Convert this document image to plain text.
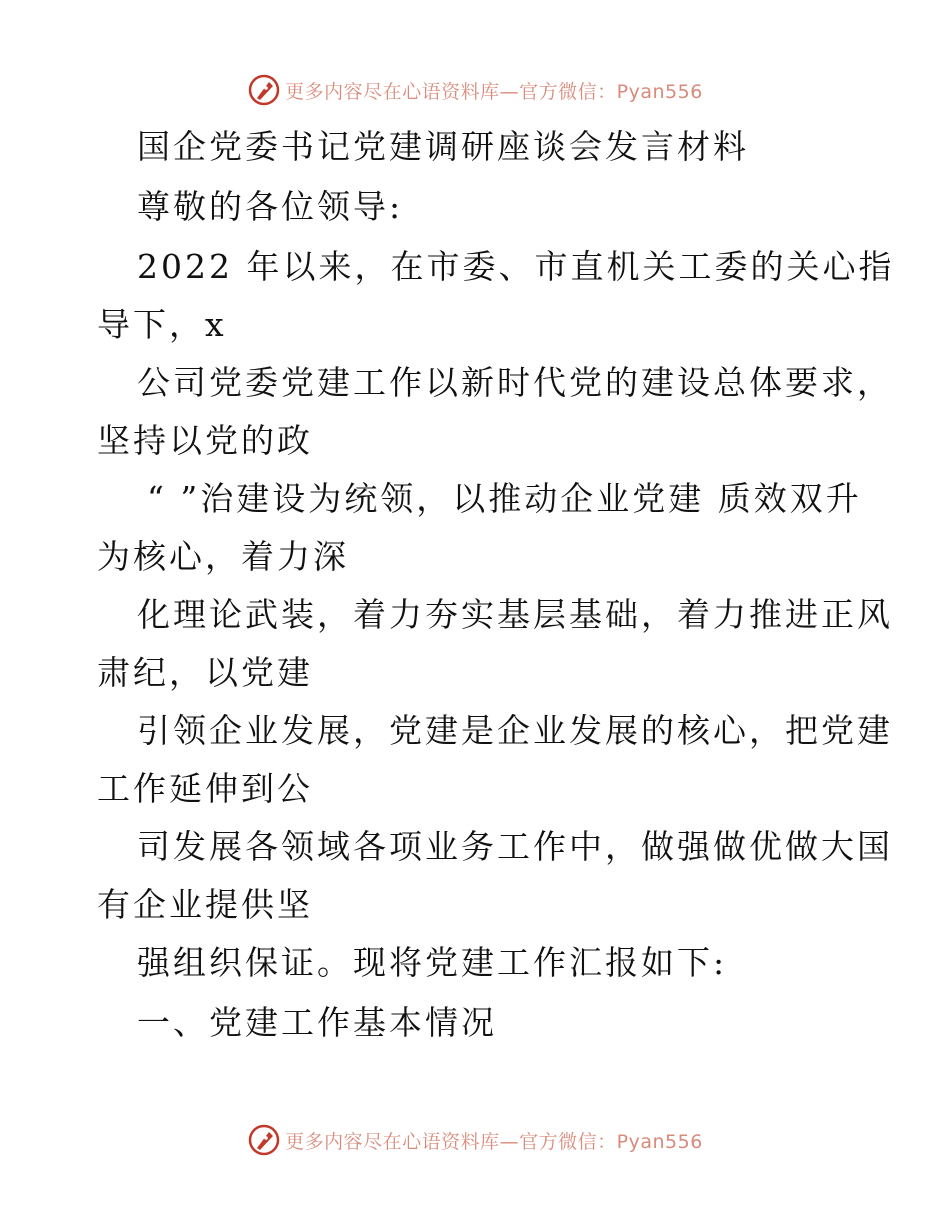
更多内容尽在心语资料库—官方微信：Pyan556
国企党委书记党建调研座谈会发言材料
尊敬的各位领导:
2022 年以来，在市委、市直机关工委的关心指
导下，x
公司党委党建工作以新时代党的建设总体要求，
坚持以党的政
“ ”治建设为统领，以推动企业党建 质效双升
为核心，着力深
化理论武装，着力夯实基层基础，着力推进正风
肃纪，以党建
引领企业发展，党建是企业发展的核心，把党建
工作延伸到公
司发展各领域各项业务工作中，做强做优做大国
有企业提供坚
强组织保证。现将党建工作汇报如下:
一、党建工作基本情况
更多内容尽在心语资料库—官方微信：Pyan556
